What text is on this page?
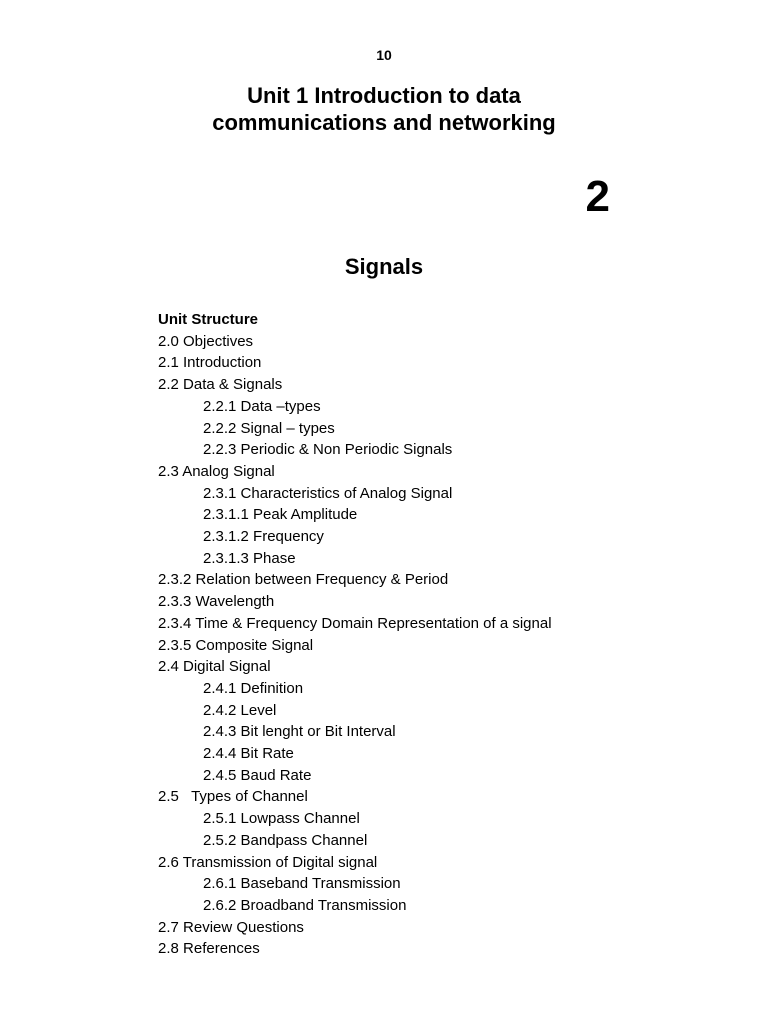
10
Unit 1 Introduction to data
communications and networking
2
Signals
Unit Structure
2.0 Objectives
2.1 Introduction
2.2 Data & Signals
2.2.1 Data –types
2.2.2 Signal – types
2.2.3 Periodic & Non Periodic Signals
2.3 Analog Signal
2.3.1 Characteristics of Analog Signal
2.3.1.1 Peak Amplitude
2.3.1.2 Frequency
2.3.1.3 Phase
2.3.2 Relation between Frequency & Period
2.3.3 Wavelength
2.3.4 Time & Frequency Domain Representation of a signal
2.3.5 Composite Signal
2.4 Digital Signal
2.4.1 Definition
2.4.2 Level
2.4.3 Bit lenght or Bit Interval
2.4.4 Bit Rate
2.4.5 Baud Rate
2.5   Types of Channel
2.5.1 Lowpass Channel
2.5.2 Bandpass Channel
2.6 Transmission of Digital signal
2.6.1 Baseband Transmission
2.6.2 Broadband Transmission
2.7 Review Questions
2.8 References
